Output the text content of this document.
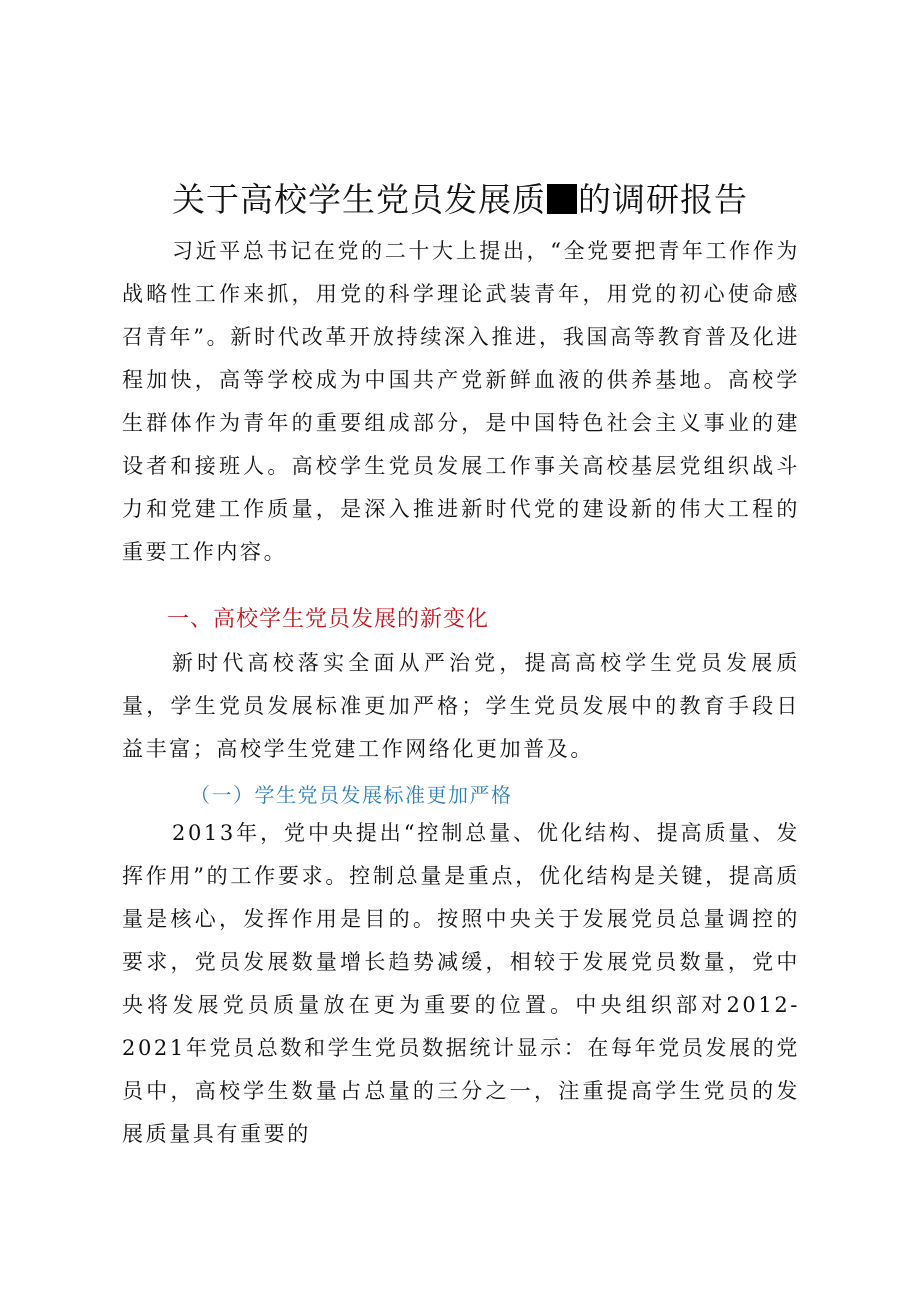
关于高校学生党员发展质 的调研报告

习近平总书记在党的二十大上提出，“全党要把青年工作作为战略性工作来抓，用党的科学理论武装青年，用党的初心使命感召青年”。新时代改革开放持续深入推进，我国高等教育普及化进程加快，高等学校成为中国共产党新鲜血液的供养基地。高校学生群体作为青年的重要组成部分，是中国特色社会主义事业的建设者和接班人。高校学生党员发展工作事关高校基层党组织战斗力和党建工作质量，是深入推进新时代党的建设新的伟大工程的重要工作内容。

一、高校学生党员发展的新变化

新时代高校落实全面从严治党，提高高校学生党员发展质量，学生党员发展标准更加严格；学生党员发展中的教育手段日益丰富；高校学生党建工作网络化更加普及。

（一）学生党员发展标准更加严格

2013年，党中央提出“控制总量、优化结构、提高质量、发挥作用”的工作要求。控制总量是重点，优化结构是关键，提高质量是核心，发挥作用是目的。按照中央关于发展党员总量调控的要求，党员发展数量增长趋势减缓，相较于发展党员数量，党中央将发展党员质量放在更为重要的位置。中央组织部对2012-2021年党员总数和学生党员数据统计显示：在每年党员发展的党员中，高校学生数量占总量的三分之一，注重提高学生党员的发展质量具有重要的
